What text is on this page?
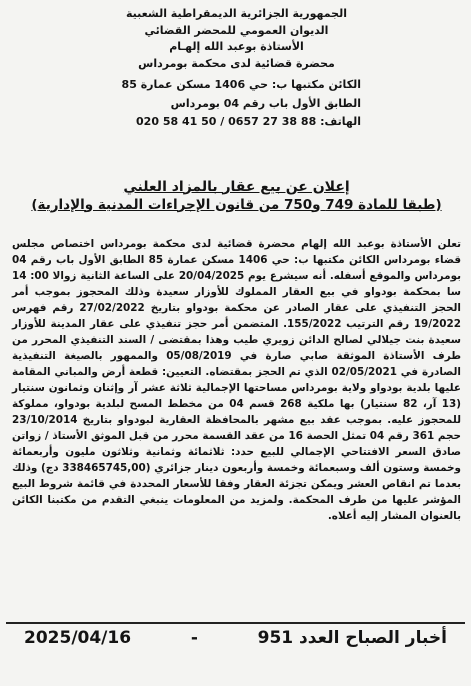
الجمهورية الجزائرية الديمقراطية الشعبية
الديوان العمومي للمحضر القضائي
الأستاذة بوعبد الله إلهـام
محضرة قضائية لدى محكمة بومرداس
الكائن مكتبها ب: حي 1406 مسكن عمارة 85
الطابق الأول باب رقم 04 بومرداس
الهاتف: 88 38 27 0657 / 50 41 58 020
إعلان عن بيع عقار بالمزاد العلني
(طبقا للمادة 749 و750 من قانون الإجراءات المدنية والإدارية)

تعلن الأستاذة بوعبد الله إلهام محضرة قضائية لدى محكمة بومرداس اختصاص مجلس قضاء بومرداس الكائن مكتبها ب: حي 1406 مسكن عمارة 85 الطابق الأول باب رقم 04 بومرداس والموقع أسفله. أنه سيشرع يوم 20/04/2025 على الساعة الثانية زوالا 00: 14 سا بمحكمة بودواو في بيع العقار المملوك للأوزار سعيدة وذلك المحجوز بموجب أمر الحجز التنفيذي على عقار الصادر عن محكمة بودواو بتاريخ 27/02/2022 رقم فهرس 19/2022 رقم الترتيب 155/2022. المتضمن أمر حجز تنفيذي على عقار المدينة للأوزار سعيدة بنت جيلالي لصالح الدائن زويري طيب وهذا بمقتضى / السند التنفيذي المحرر من طرف الأستاذة الموثقة صابي صارة في 05/08/2019 والممهور بالصيغة التنفيذية الصادرة في 02/05/2021 الذي تم الحجز بمقتضاه. التعيين: قطعة أرض والمباني المقامة عليها بلدية بودواو ولاية بومرداس مساحتها الإجمالية ثلاثة عشر آر وإثنان وثمانون سنتيار (13 آر، 82 سنتيار) بها ملكية 268 قسم 04 من مخطط المسح لبلدية بودواو، مملوكة للمحجوز عليه. بموجب عقد بيع مشهر بالمحافظة العقارية لبودواو بتاريخ 23/10/2014 حجم 361 رقم 04 تمثل الحصة 16 من عقد القسمة محرر من قبل الموثق الأستاذ / زواتن صادق السعر الافتتاحي الإجمالي للبيع حدد: ثلاثمائة وثمانية وثلاثون مليون وأربعمائة وخمسة وستون ألف وسبعمائة وخمسة وأربعون دينار جزائري (338465745,00 دج) وذلك بعدما تم انقاص العشر ويمكن تجزئة العقار وفقا للأسعار المحددة في قائمة شروط البيع المؤشر عليها من طرف المحكمة. ولمزيد من المعلومات ينبغي التقدم من مكتبنا الكائن بالعنوان المشار إليه أعلاه.

2025/04/16	-	أخبار الصباح العدد 951
